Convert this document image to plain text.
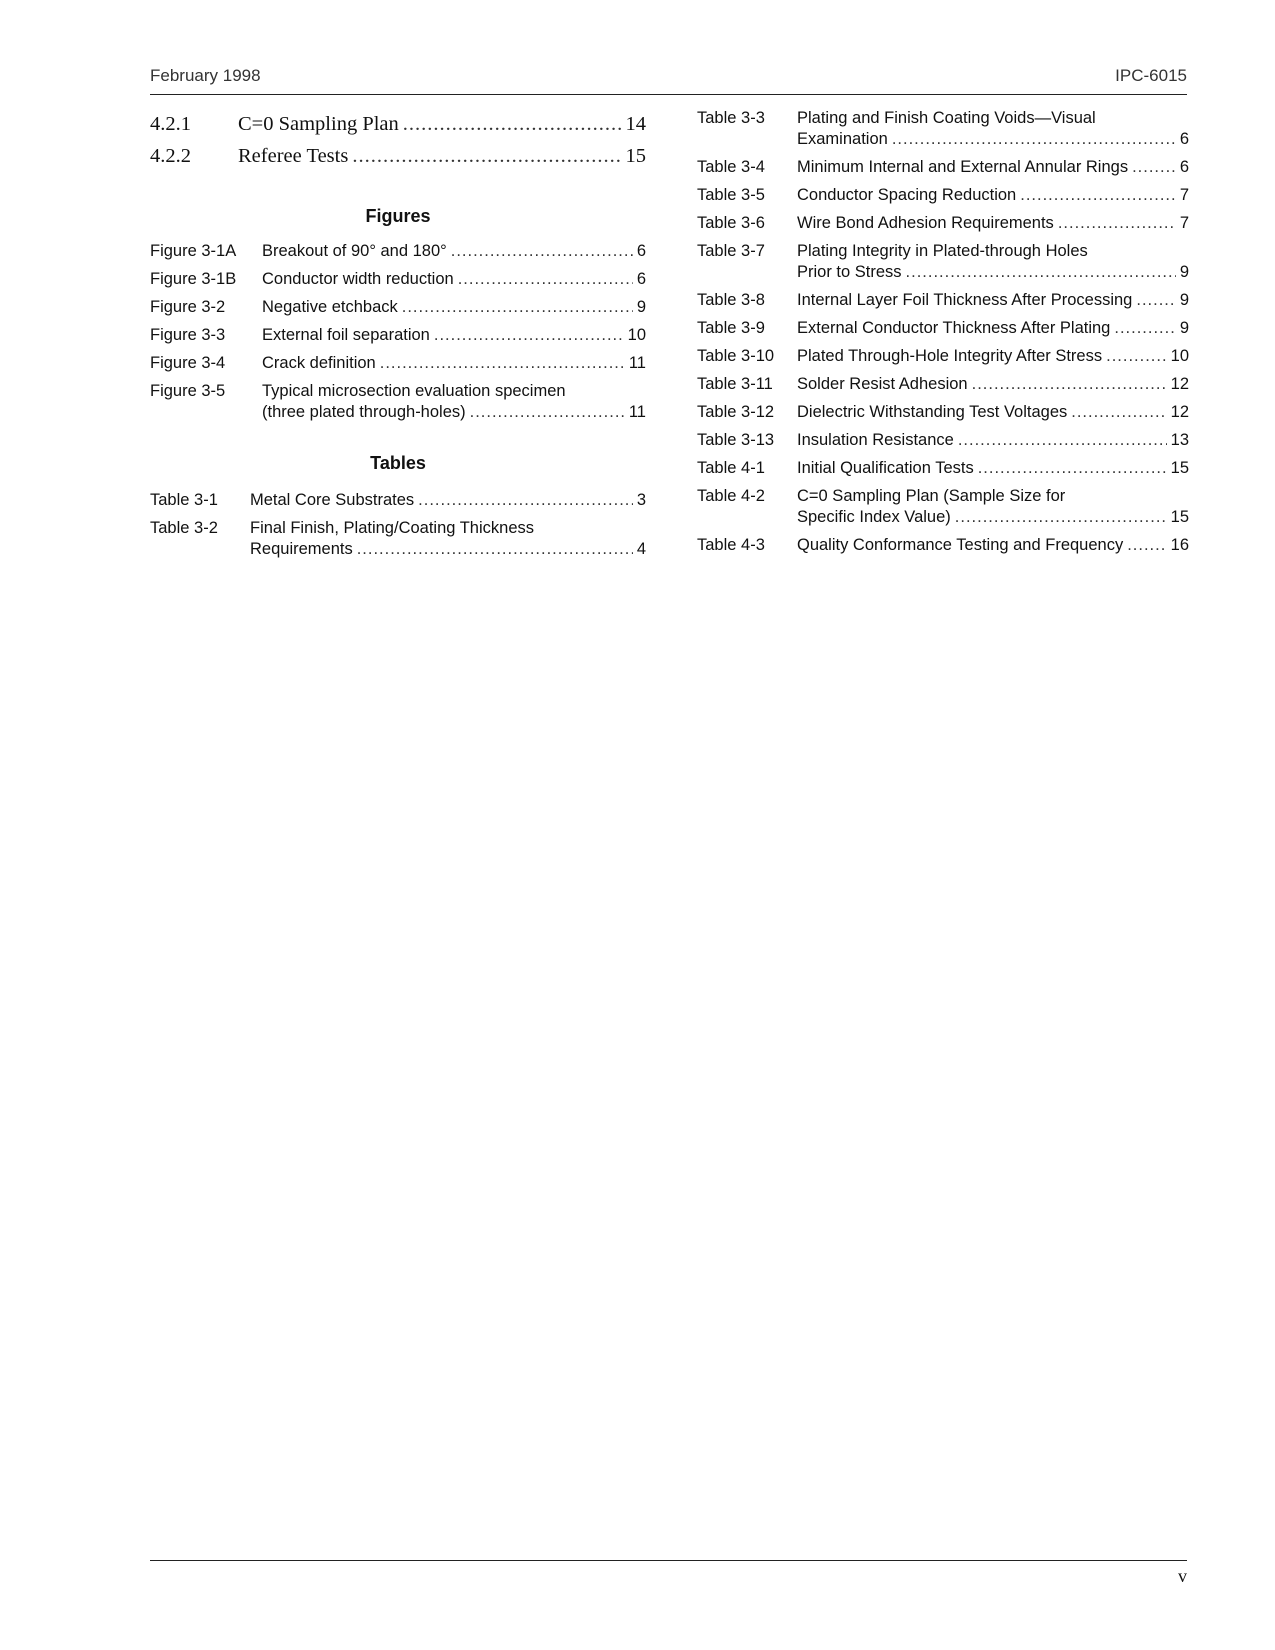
February 1998	IPC-6015
4.2.1	C=0 Sampling Plan .....	14
4.2.2	Referee Tests .....	15
Figures
Figure 3-1A	Breakout of 90° and 180° .....	6
Figure 3-1B	Conductor width reduction .....	6
Figure 3-2	Negative etchback .....	9
Figure 3-3	External foil separation .....	10
Figure 3-4	Crack definition .....	11
Figure 3-5	Typical microsection evaluation specimen
(three plated through-holes) .....	11
Tables
Table 3-1	Metal Core Substrates .....	3
Table 3-2	Final Finish, Plating/Coating Thickness
Requirements .....	4
Table 3-3	Plating and Finish Coating Voids—Visual
Examination .....	6
Table 3-4	Minimum Internal and External Annular Rings .....	6
Table 3-5	Conductor Spacing Reduction .....	7
Table 3-6	Wire Bond Adhesion Requirements .....	7
Table 3-7	Plating Integrity in Plated-through Holes
Prior to Stress .....	9
Table 3-8	Internal Layer Foil Thickness After Processing .....	9
Table 3-9	External Conductor Thickness After Plating .....	9
Table 3-10	Plated Through-Hole Integrity After Stress .....	10
Table 3-11	Solder Resist Adhesion .....	12
Table 3-12	Dielectric Withstanding Test Voltages .....	12
Table 3-13	Insulation Resistance .....	13
Table 4-1	Initial Qualification Tests .....	15
Table 4-2	C=0 Sampling Plan (Sample Size for
Specific Index Value) .....	15
Table 4-3	Quality Conformance Testing and Frequency .....	16
v
